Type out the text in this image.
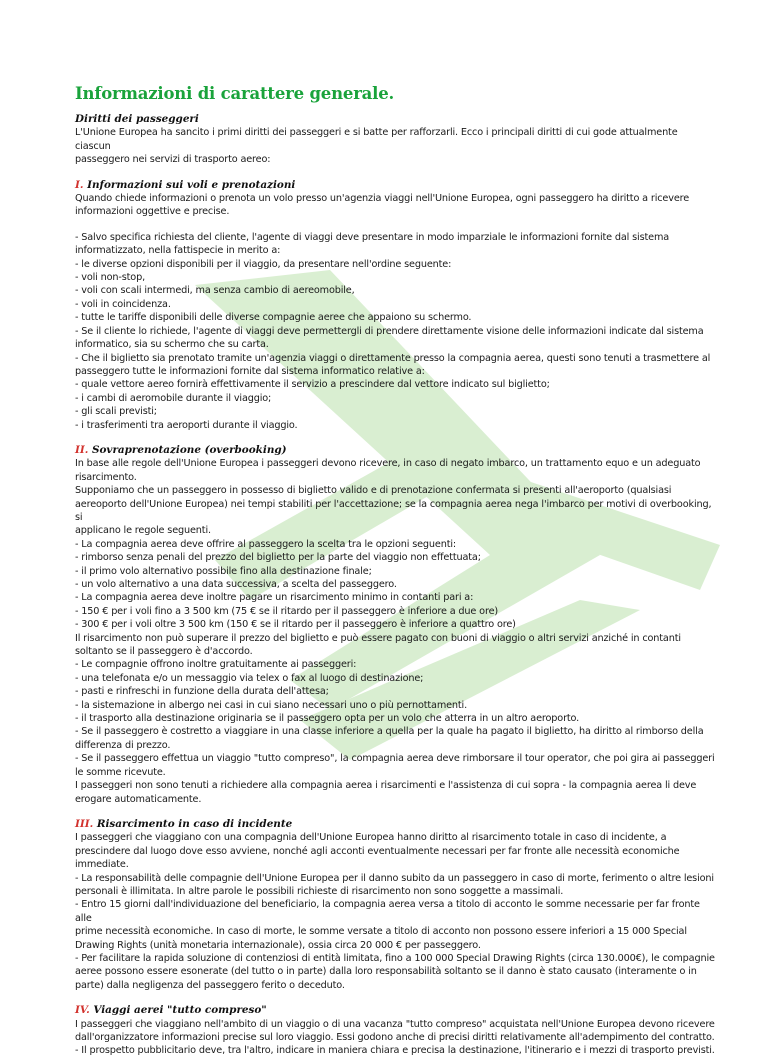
Informazioni di carattere generale.

Diritti dei passeggeri

L'Unione Europea ha sancito i primi diritti dei passeggeri e si batte per rafforzarli. Ecco i principali diritti di cui gode attualmente ciascun

passeggero nei servizi di trasporto aereo:

I. Informazioni sui voli e prenotazioni

Quando chiede informazioni o prenota un volo presso un'agenzia viaggi nell'Unione Europea, ogni passeggero ha diritto a ricevere

informazioni oggettive e precise.

- Salvo specifica richiesta del cliente, l'agente di viaggi deve presentare in modo imparziale le informazioni fornite dal sistema

informatizzato, nella fattispecie in merito a:

- le diverse opzioni disponibili per il viaggio, da presentare nell'ordine seguente:

- voli non-stop,

- voli con scali intermedi, ma senza cambio di aereomobile,

- voli in coincidenza.

- tutte le tariffe disponibili delle diverse compagnie aeree che appaiono su schermo.

- Se il cliente lo richiede, l'agente di viaggi deve permettergli di prendere direttamente visione delle informazioni indicate dal sistema

informatico, sia su schermo che su carta.

- Che il biglietto sia prenotato tramite un'agenzia viaggi o direttamente presso la compagnia aerea, questi sono tenuti a trasmettere al

passeggero tutte le informazioni fornite dal sistema informatico relative a:

- quale vettore aereo fornirà effettivamente il servizio a prescindere dal vettore indicato sul biglietto;

- i cambi di aeromobile durante il viaggio;

- gli scali previsti;

- i trasferimenti tra aeroporti durante il viaggio.

II. Sovraprenotazione (overbooking)

In base alle regole dell'Unione Europea i passeggeri devono ricevere, in caso di negato imbarco, un trattamento equo e un adeguato

risarcimento.

Supponiamo che un passeggero in possesso di biglietto valido e di prenotazione confermata si presenti all'aeroporto (qualsiasi

aereoporto dell'Unione Europea) nei tempi stabiliti per l'accettazione; se la compagnia aerea nega l'imbarco per motivi di overbooking, si

applicano le regole seguenti.

- La compagnia aerea deve offrire al passeggero la scelta tra le opzioni seguenti:

- rimborso senza penali del prezzo del biglietto per la parte del viaggio non effettuata;

- il primo volo alternativo possibile fino alla destinazione finale;

- un volo alternativo a una data successiva, a scelta del passeggero.

- La compagnia aerea deve inoltre pagare un risarcimento minimo in contanti pari a:

- 150 € per i voli fino a 3 500 km (75 € se il ritardo per il passeggero è inferiore a due ore)

- 300 € per i voli oltre 3 500 km (150 € se il ritardo per il passeggero è inferiore a quattro ore)

Il risarcimento non può superare il prezzo del biglietto e può essere pagato con buoni di viaggio o altri servizi anziché in contanti

soltanto se il passeggero è d'accordo.

- Le compagnie offrono inoltre gratuitamente ai passeggeri:

- una telefonata e/o un messaggio via telex o fax al luogo di destinazione;

- pasti e rinfreschi in funzione della durata dell'attesa;

- la sistemazione in albergo nei casi in cui siano necessari uno o più pernottamenti.

- il trasporto alla destinazione originaria se il passeggero opta per un volo che atterra in un altro aeroporto.

- Se il passeggero è costretto a viaggiare in una classe inferiore a quella per la quale ha pagato il biglietto, ha diritto al rimborso della

differenza di prezzo.

- Se il passeggero effettua un viaggio "tutto compreso", la compagnia aerea deve rimborsare il tour operator, che poi gira ai passeggeri

le somme ricevute.

I passeggeri non sono tenuti a richiedere alla compagnia aerea i risarcimenti e l'assistenza di cui sopra - la compagnia aerea li deve

erogare automaticamente.

III. Risarcimento in caso di incidente

I passeggeri che viaggiano con una compagnia dell'Unione Europea hanno diritto al risarcimento totale in caso di incidente, a

prescindere dal luogo dove esso avviene, nonché agli acconti eventualmente necessari per far fronte alle necessità economiche

immediate.

- La responsabilità delle compagnie dell'Unione Europea per il danno subito da un passeggero in caso di morte, ferimento o altre lesioni

personali è illimitata. In altre parole le possibili richieste di risarcimento non sono soggette a massimali.

- Entro 15 giorni dall'individuazione del beneficiario, la compagnia aerea versa a titolo di acconto le somme necessarie per far fronte alle

prime necessità economiche. In caso di morte, le somme versate a titolo di acconto non possono essere inferiori a 15 000 Special

Drawing Rights (unità monetaria internazionale), ossia circa 20 000 € per passeggero.

- Per facilitare la rapida soluzione di contenziosi di entità limitata, fino a 100 000 Special Drawing Rights (circa 130.000€), le compagnie

aeree possono essere esonerate (del tutto o in parte) dalla loro responsabilità soltanto se il danno è stato causato (interamente o in

parte) dalla negligenza del passeggero ferito o deceduto.

IV. Viaggi aerei "tutto compreso"

I passeggeri che viaggiano nell'ambito di un viaggio o di una vacanza "tutto compreso" acquistata nell'Unione Europea devono ricevere

dall'organizzatore informazioni precise sul loro viaggio. Essi godono anche di precisi diritti relativamente all'adempimento del contratto.

- Il prospetto pubblicitario deve, tra l'altro, indicare in maniera chiara e precisa la destinazione, l'itinerario e i mezzi di trasporto previsti.
